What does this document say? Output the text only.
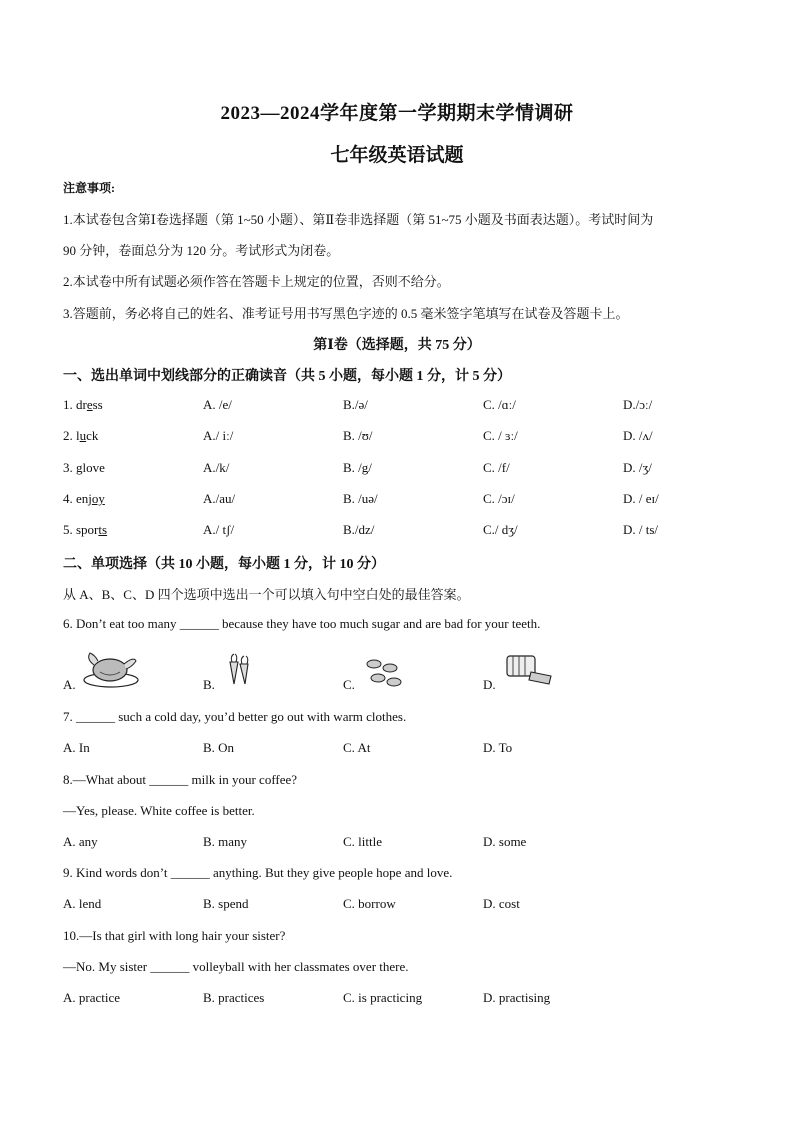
2023—2024学年度第一学期期末学情调研
七年级英语试题
注意事项:
1.本试卷包含第Ⅰ卷选择题（第 1~50 小题）、第Ⅱ卷非选择题（第 51~75 小题及书面表达题）。考试时间为
90 分钟，卷面总分为 120 分。考试形式为闭卷。
2.本试卷中所有试题必须作答在答题卡上规定的位置，否则不给分。
3.答题前，务必将自己的姓名、准考证号用书写黑色字迹的 0.5 毫米签字笔填写在试卷及答题卡上。
第Ⅰ卷（选择题，共 75 分）
一、选出单词中划线部分的正确读音（共 5 小题，每小题 1 分，计 5 分）
1. dress	A. /e/	B./ə/	C. /ɑː/	D./ɔː/
2. luck	A./ iː/	B. /ʊ/	C. / ɜː/	D. /ʌ/
3. glove	A./k/	B. /g/	C. /f/	D. /ʒ/
4. enjoy	A./au/	B. /uə/	C. /ɔɪ/	D. / eɪ/
5. sports	A./ tʃ/	B./dz/	C./ dʒ/	D. / ts/
二、单项选择（共 10 小题，每小题 1 分，计 10 分）
从 A、B、C、D 四个选项中选出一个可以填入句中空白处的最佳答案。
6. Don’t eat too many ______ because they have too much sugar and are bad for your teeth.
A.	B.	C.	D.
7. ______ such a cold day, you’d better go out with warm clothes.
A. In	B. On	C. At	D. To
8.—What about ______ milk in your coffee?
—Yes, please. White coffee is better.
A. any	B. many	C. little	D. some
9. Kind words don’t ______ anything. But they give people hope and love.
A. lend	B. spend	C. borrow	D. cost
10.—Is that girl with long hair your sister?
—No. My sister ______ volleyball with her classmates over there.
A. practice	B. practices	C. is practicing	D. practising
